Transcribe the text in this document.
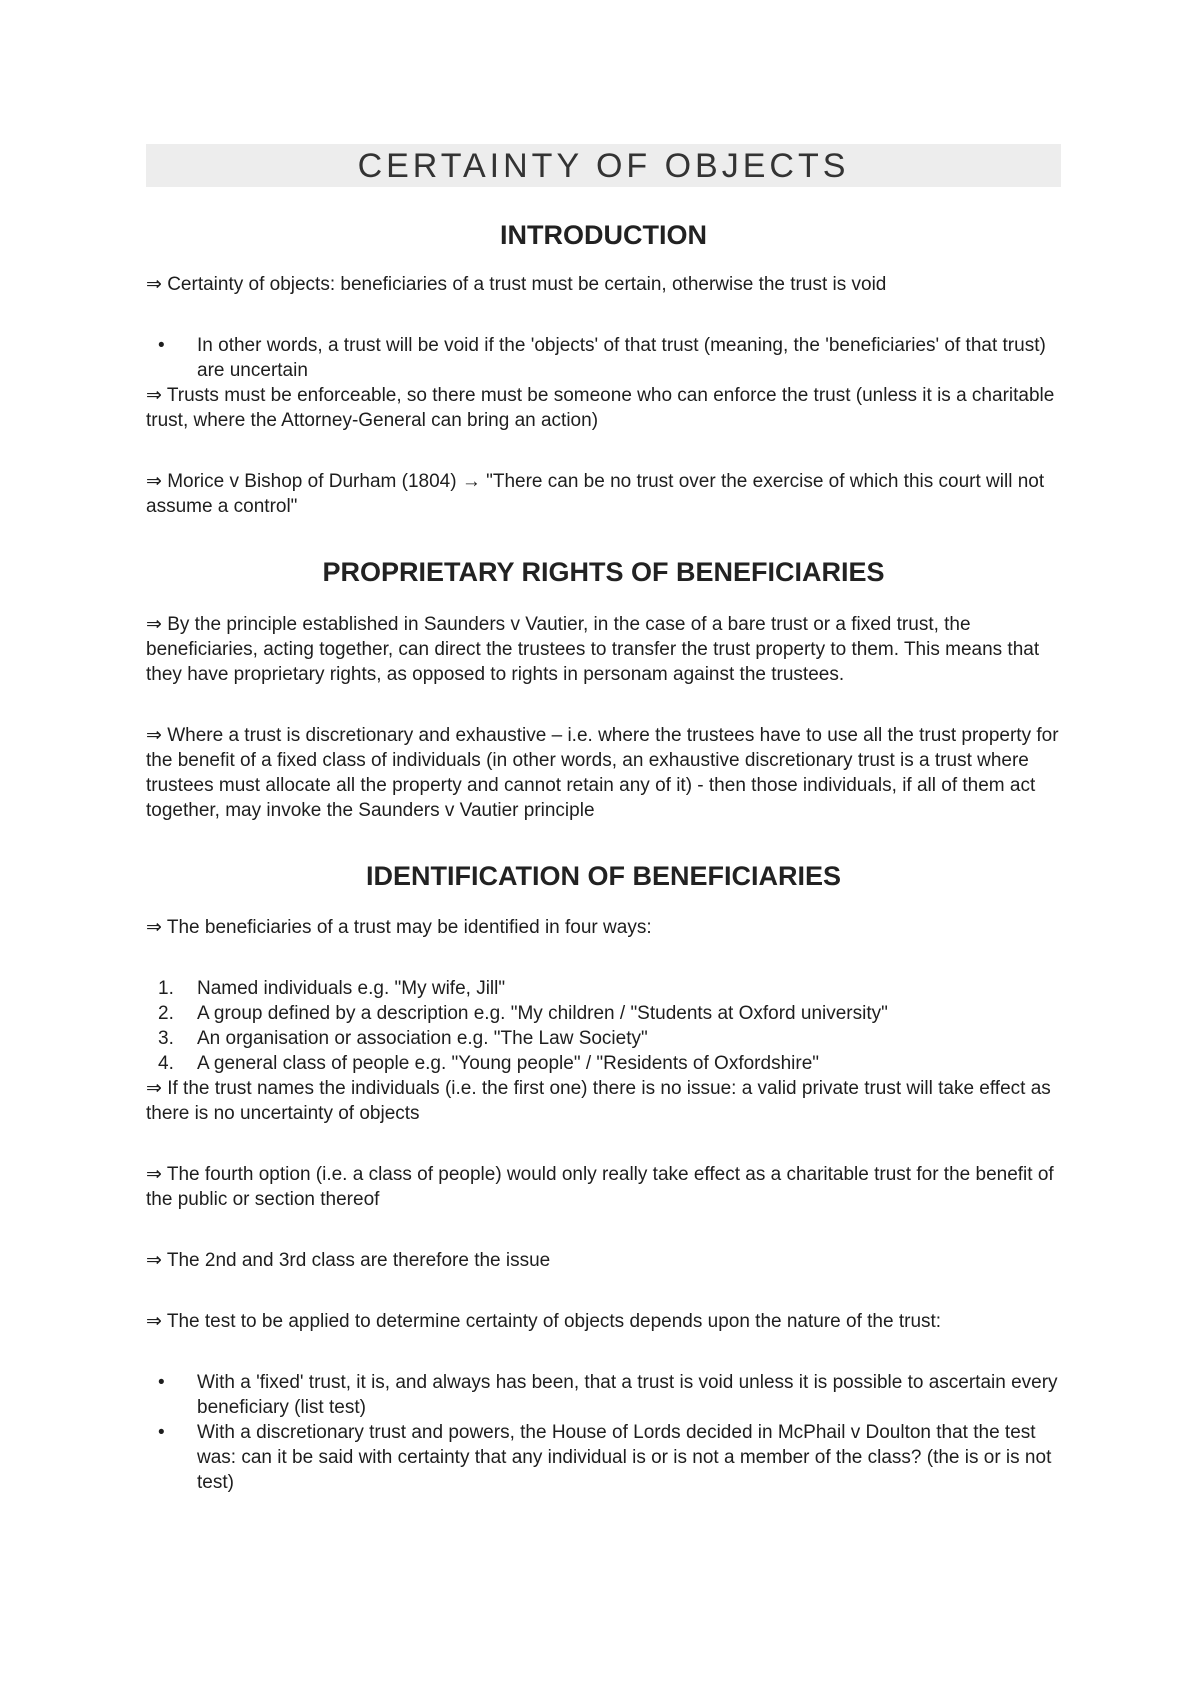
CERTAINTY OF OBJECTS
INTRODUCTION

⇒ Certainty of objects: beneficiaries of a trust must be certain, otherwise the trust is void

• In other words, a trust will be void if the 'objects' of that trust (meaning, the 'beneficiaries' of that trust) are uncertain

⇒ Trusts must be enforceable, so there must be someone who can enforce the trust (unless it is a charitable trust, where the Attorney-General can bring an action)

⇒ Morice v Bishop of Durham (1804) → "There can be no trust over the exercise of which this court will not assume a control"

PROPRIETARY RIGHTS OF BENEFICIARIES

⇒ By the principle established in Saunders v Vautier, in the case of a bare trust or a fixed trust, the beneficiaries, acting together, can direct the trustees to transfer the trust property to them. This means that they have proprietary rights, as opposed to rights in personam against the trustees.

⇒ Where a trust is discretionary and exhaustive – i.e. where the trustees have to use all the trust property for the benefit of a fixed class of individuals (in other words, an exhaustive discretionary trust is a trust where trustees must allocate all the property and cannot retain any of it) - then those individuals, if all of them act together, may invoke the Saunders v Vautier principle

IDENTIFICATION OF BENEFICIARIES

⇒ The beneficiaries of a trust may be identified in four ways:

1. Named individuals e.g. "My wife, Jill"
2. A group defined by a description e.g. "My children / "Students at Oxford university"
3. An organisation or association e.g. "The Law Society"
4. A general class of people e.g. "Young people" / "Residents of Oxfordshire"

⇒ If the trust names the individuals (i.e. the first one) there is no issue: a valid private trust will take effect as there is no uncertainty of objects

⇒ The fourth option (i.e. a class of people) would only really take effect as a charitable trust for the benefit of the public or section thereof

⇒ The 2nd and 3rd class are therefore the issue

⇒ The test to be applied to determine certainty of objects depends upon the nature of the trust:

• With a 'fixed' trust, it is, and always has been, that a trust is void unless it is possible to ascertain every beneficiary (list test)
• With a discretionary trust and powers, the House of Lords decided in McPhail v Doulton that the test was: can it be said with certainty that any individual is or is not a member of the class? (the is or is not test)
